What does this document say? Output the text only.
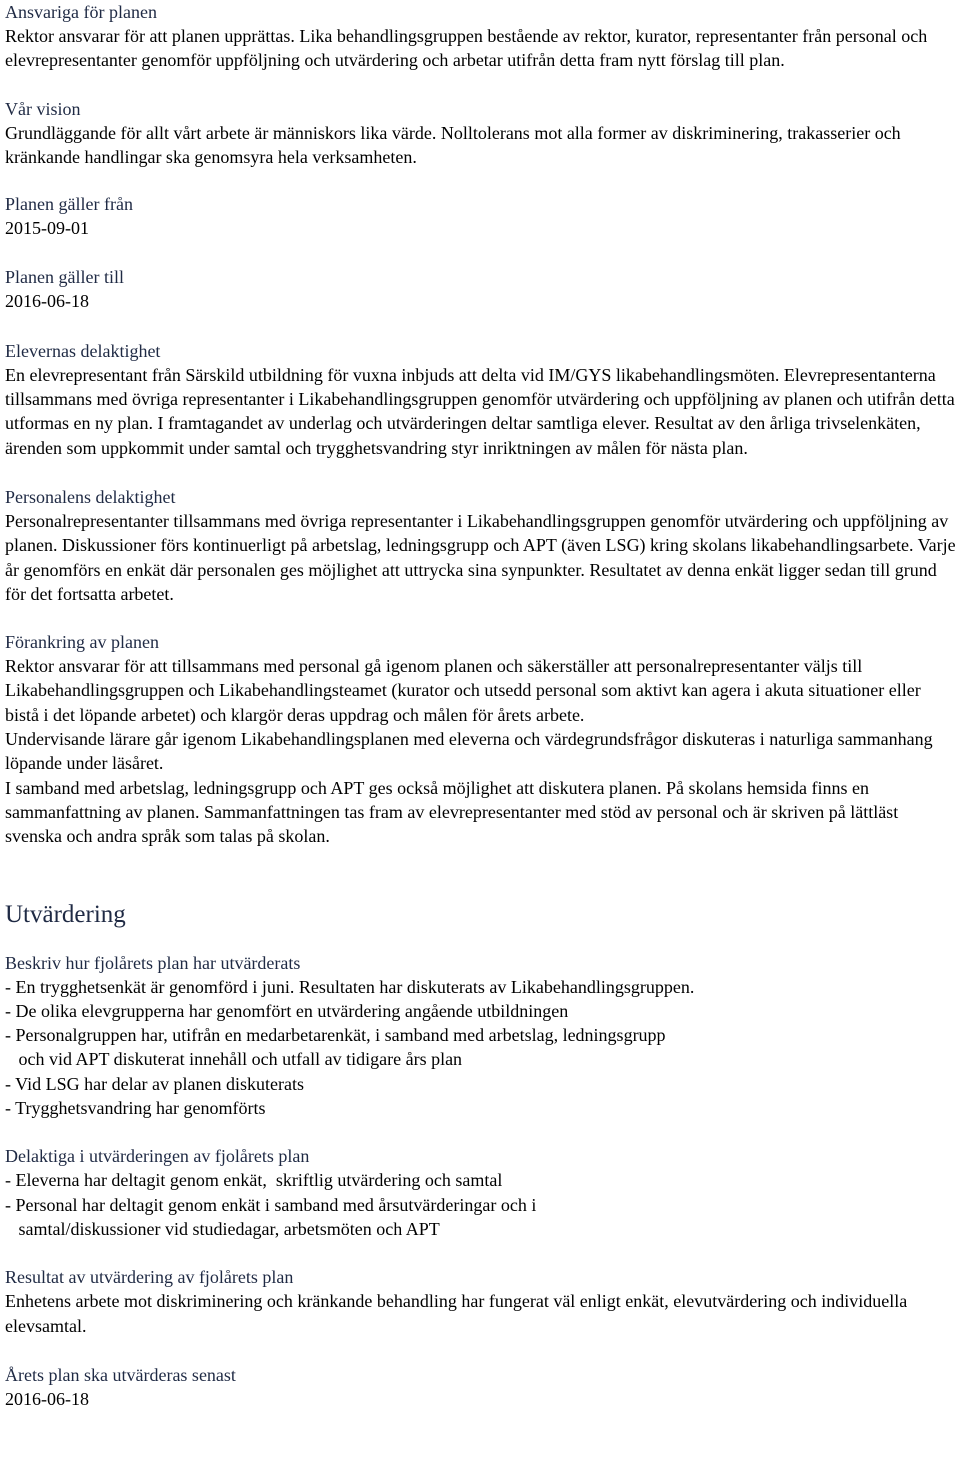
Ansvariga för planen

Rektor ansvarar för att planen upprättas. Lika behandlingsgruppen bestående av rektor, kurator, representanter från personal och elevrepresentanter genomför uppföljning och utvärdering och arbetar utifrån detta fram nytt förslag till plan.

Vår vision

Grundläggande för allt vårt arbete är människors lika värde. Nolltolerans mot alla former av diskriminering, trakasserier och kränkande handlingar ska genomsyra hela verksamheten.

Planen gäller från

2015-09-01

Planen gäller till

2016-06-18

Elevernas delaktighet

En elevrepresentant från Särskild utbildning för vuxna inbjuds att delta vid IM/GYS likabehandlingsmöten. Elevrepresentanterna tillsammans med övriga representanter i Likabehandlingsgruppen genomför utvärdering och uppföljning av planen och utifrån detta utformas en ny plan. I framtagandet av underlag och utvärderingen deltar samtliga elever. Resultat av den årliga trivselenkäten, ärenden som uppkommit under samtal och trygghetsvandring styr inriktningen av målen för nästa plan.

Personalens delaktighet

Personalrepresentanter tillsammans med övriga representanter i Likabehandlingsgruppen genomför utvärdering och uppföljning av planen. Diskussioner förs kontinuerligt på arbetslag, ledningsgrupp och APT (även LSG) kring skolans likabehandlingsarbete. Varje år genomförs en enkät där personalen ges möjlighet att uttrycka sina synpunkter. Resultatet av denna enkät ligger sedan till grund för det fortsatta arbetet.

Förankring av planen

Rektor ansvarar för att tillsammans med personal gå igenom planen och säkerställer att personalrepresentanter väljs till Likabehandlingsgruppen och Likabehandlingsteamet (kurator och utsedd personal som aktivt kan agera i akuta situationer eller bistå i det löpande arbetet) och klargör deras uppdrag och målen för årets arbete.

Undervisande lärare går igenom Likabehandlingsplanen med eleverna och värdegrundsfrågor diskuteras i naturliga sammanhang löpande under läsåret.

I samband med arbetslag, ledningsgrupp och APT ges också möjlighet att diskutera planen. På skolans hemsida finns en sammanfattning av planen. Sammanfattningen tas fram av elevrepresentanter med stöd av personal och är skriven på lättläst svenska och andra språk som talas på skolan.

Utvärdering
Beskriv hur fjolårets plan har utvärderats
- En trygghetsenkät är genomförd i juni. Resultaten har diskuterats av Likabehandlingsgruppen.
- De olika elevgrupperna har genomfört en utvärdering angående utbildningen
- Personalgruppen har, utifrån en medarbetarenkät, i samband med arbetslag, ledningsgrupp
och vid APT diskuterat innehåll och utfall av tidigare års plan
- Vid LSG har delar av planen diskuterats
- Trygghetsvandring har genomförts
Delaktiga i utvärderingen av fjolårets plan
- Eleverna har deltagit genom enkät,  skriftlig utvärdering och samtal
- Personal har deltagit genom enkät i samband med årsutvärderingar och i
samtal/diskussioner vid studiedagar, arbetsmöten och APT
Resultat av utvärdering av fjolårets plan

Enhetens arbete mot diskriminering och kränkande behandling har fungerat väl enligt enkät, elevutvärdering och individuella elevsamtal.

Årets plan ska utvärderas senast

2016-06-18
